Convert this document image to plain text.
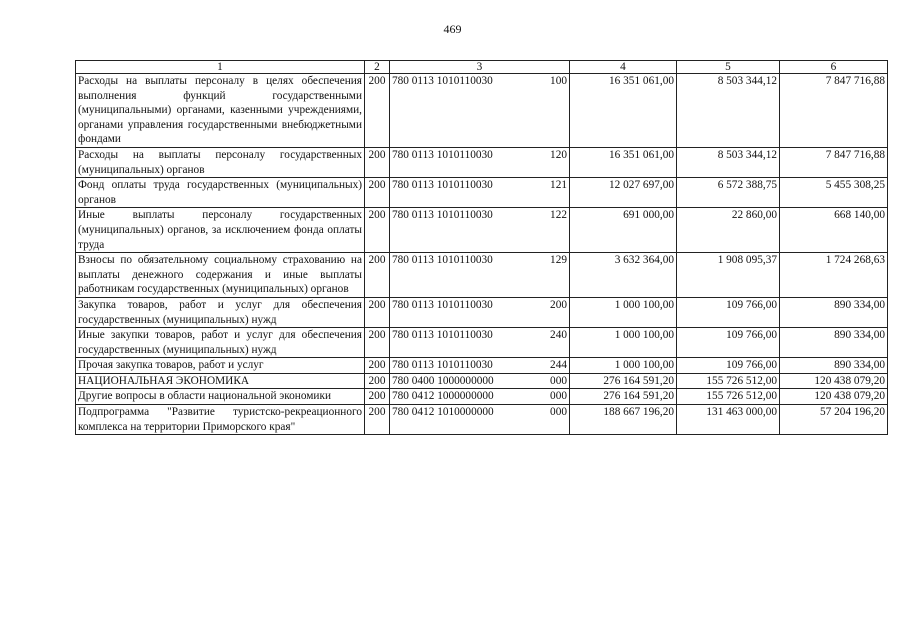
469
1	2	3	4	5	6
Расходы на выплаты персоналу в целях обеспечения выполнения функций государственными (муниципальными) органами, казенными учреждениями, органами управления государственными внебюджетными фондами	200	780 0113 1010110030 100	16 351 061,00	8 503 344,12	7 847 716,88
Расходы на выплаты персоналу государственных (муниципальных) органов	200	780 0113 1010110030 120	16 351 061,00	8 503 344,12	7 847 716,88
Фонд оплаты труда государственных (муниципальных) органов	200	780 0113 1010110030 121	12 027 697,00	6 572 388,75	5 455 308,25
Иные выплаты персоналу государственных (муниципальных) органов, за исключением фонда оплаты труда	200	780 0113 1010110030 122	691 000,00	22 860,00	668 140,00
Взносы по обязательному социальному страхованию на выплаты денежного содержания и иные выплаты работникам государственных (муниципальных) органов	200	780 0113 1010110030 129	3 632 364,00	1 908 095,37	1 724 268,63
Закупка товаров, работ и услуг для обеспечения государственных (муниципальных) нужд	200	780 0113 1010110030 200	1 000 100,00	109 766,00	890 334,00
Иные закупки товаров, работ и услуг для обеспечения государственных (муниципальных) нужд	200	780 0113 1010110030 240	1 000 100,00	109 766,00	890 334,00
Прочая закупка товаров, работ и услуг	200	780 0113 1010110030 244	1 000 100,00	109 766,00	890 334,00
НАЦИОНАЛЬНАЯ ЭКОНОМИКА	200	780 0400 1000000000 000	276 164 591,20	155 726 512,00	120 438 079,20
Другие вопросы в области национальной экономики	200	780 0412 1000000000 000	276 164 591,20	155 726 512,00	120 438 079,20
Подпрограмма "Развитие туристско-рекреационного комплекса на территории Приморского края"	200	780 0412 1010000000 000	188 667 196,20	131 463 000,00	57 204 196,20
